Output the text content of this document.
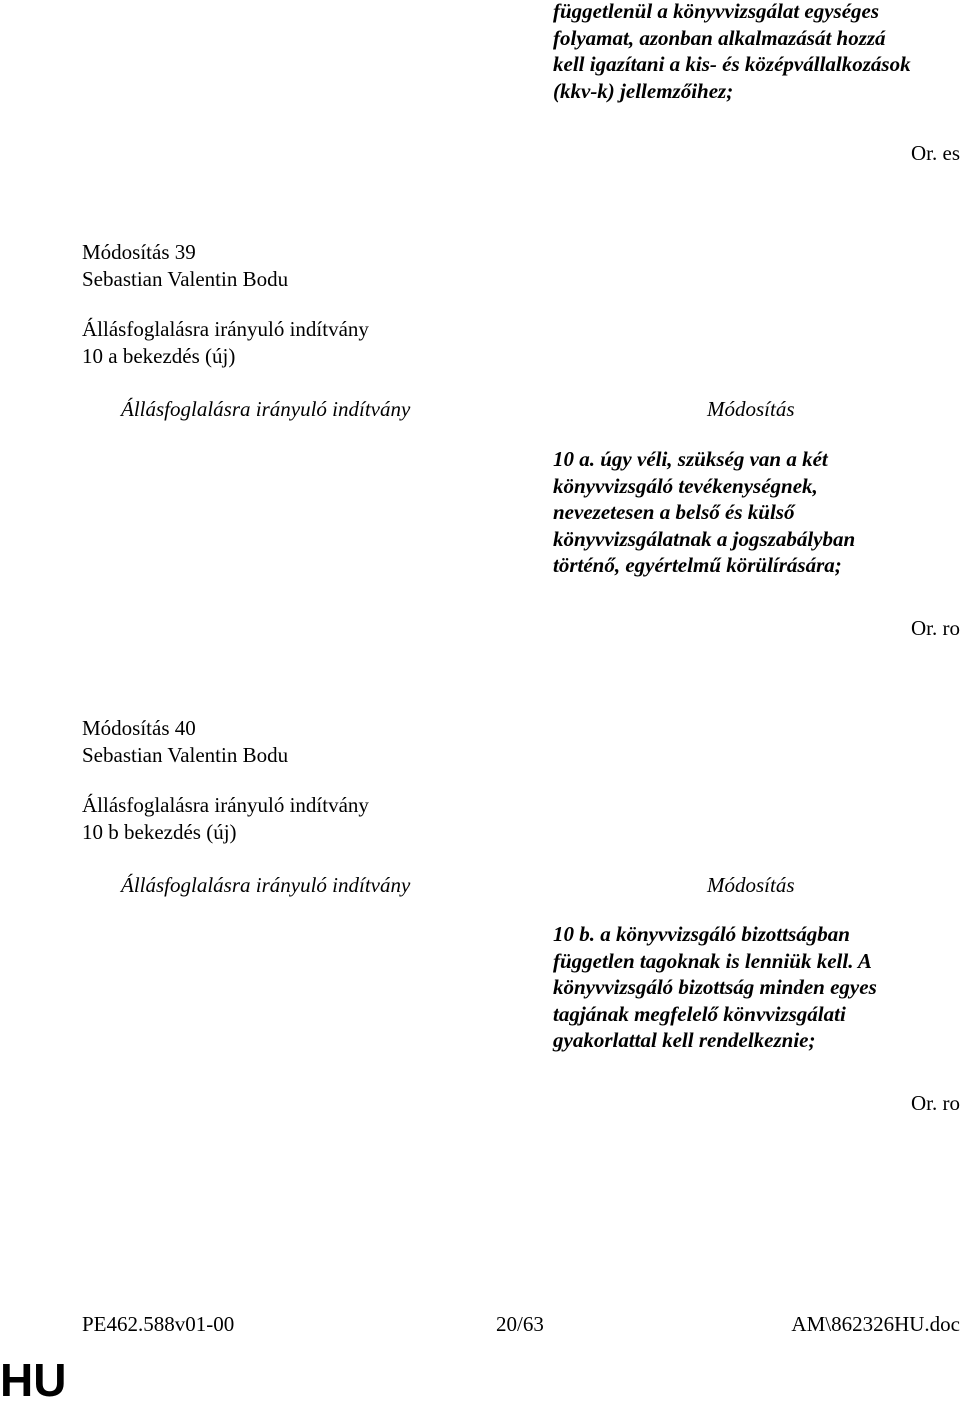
függetlenül a könyvvizsgálat egységes
folyamat, azonban alkalmazását hozzá
kell igazítani a kis- és középvállalkozások
(kkv-k) jellemzőihez;
Or. es
Módosítás 39
Sebastian Valentin Bodu
Állásfoglalásra irányuló indítvány
10 a bekezdés (új)
Állásfoglalásra irányuló indítvány	Módosítás
10 a. úgy véli, szükség van a két
könyvvizsgáló tevékenységnek,
nevezetesen a belső és külső
könyvvizsgálatnak a jogszabályban
történő, egyértelmű körülírására;
Or. ro
Módosítás 40
Sebastian Valentin Bodu
Állásfoglalásra irányuló indítvány
10 b bekezdés (új)
Állásfoglalásra irányuló indítvány	Módosítás
10 b. a könyvvizsgáló bizottságban
független tagoknak is lenniük kell. A
könyvvizsgáló bizottság minden egyes
tagjának megfelelő könvvizsgálati
gyakorlattal kell rendelkeznie;
Or. ro
PE462.588v01-00	20/63	AM\862326HU.doc
HU
